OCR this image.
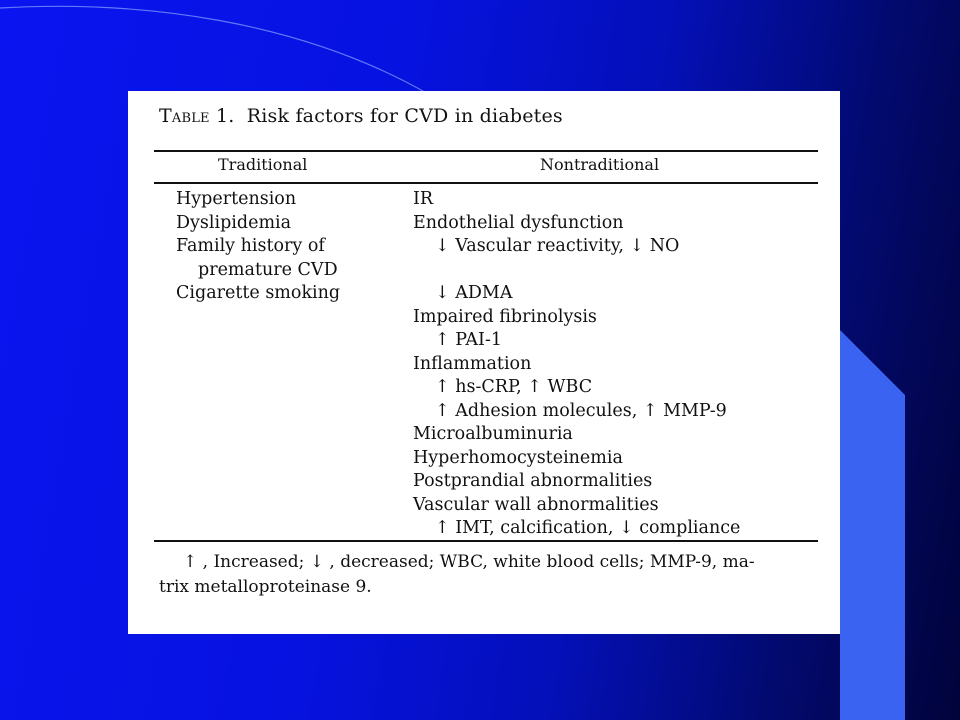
Table 1. Risk factors for CVD in diabetes
Traditional	Nontraditional
Hypertension
Dyslipidemia
Family history of
premature CVD
Cigarette smoking
IR
Endothelial dysfunction
↓ Vascular reactivity, ↓ NO
↓ ADMA
Impaired fibrinolysis
↑ PAI-1
Inflammation
↑ hs-CRP, ↑ WBC
↑ Adhesion molecules, ↑ MMP-9
Microalbuminuria
Hyperhomocysteinemia
Postprandial abnormalities
Vascular wall abnormalities
↑ IMT, calcification, ↓ compliance
↑ , Increased; ↓ , decreased; WBC, white blood cells; MMP-9, ma-
trix metalloproteinase 9.
